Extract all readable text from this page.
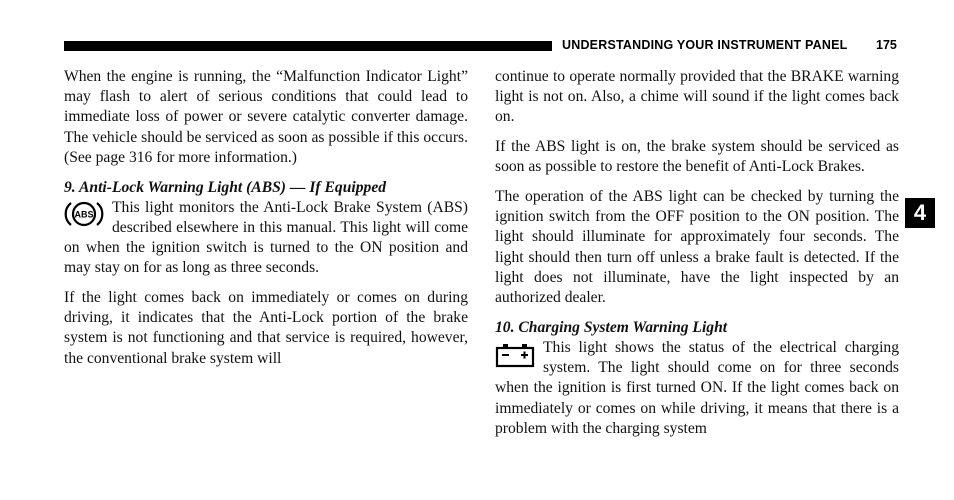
UNDERSTANDING YOUR INSTRUMENT PANEL 175

When the engine is running, the “Malfunction Indicator Light” may flash to alert of serious conditions that could lead to immediate loss of power or severe catalytic converter damage. The vehicle should be serviced as soon as possible if this occurs. (See page 316 for more information.)

9. Anti-Lock Warning Light (ABS) — If Equipped

ABS This light monitors the Anti-Lock Brake System (ABS) described elsewhere in this manual. This light will come on when the ignition switch is turned to the ON position and may stay on for as long as three seconds.

If the light comes back on immediately or comes on during driving, it indicates that the Anti-Lock portion of the brake system is not functioning and that service is required, however, the conventional brake system will

continue to operate normally provided that the BRAKE warning light is not on. Also, a chime will sound if the light comes back on.

If the ABS light is on, the brake system should be serviced as soon as possible to restore the benefit of Anti-Lock Brakes.

The operation of the ABS light can be checked by turning the ignition switch from the OFF position to the ON position. The light should illuminate for approximately four seconds. The light should then turn off unless a brake fault is detected. If the light does not illuminate, have the light inspected by an authorized dealer.

10. Charging System Warning Light

This light shows the status of the electrical charging system. The light should come on for three seconds when the ignition is first turned ON. If the light comes back on immediately or comes on while driving, it means that there is a problem with the charging system

4
